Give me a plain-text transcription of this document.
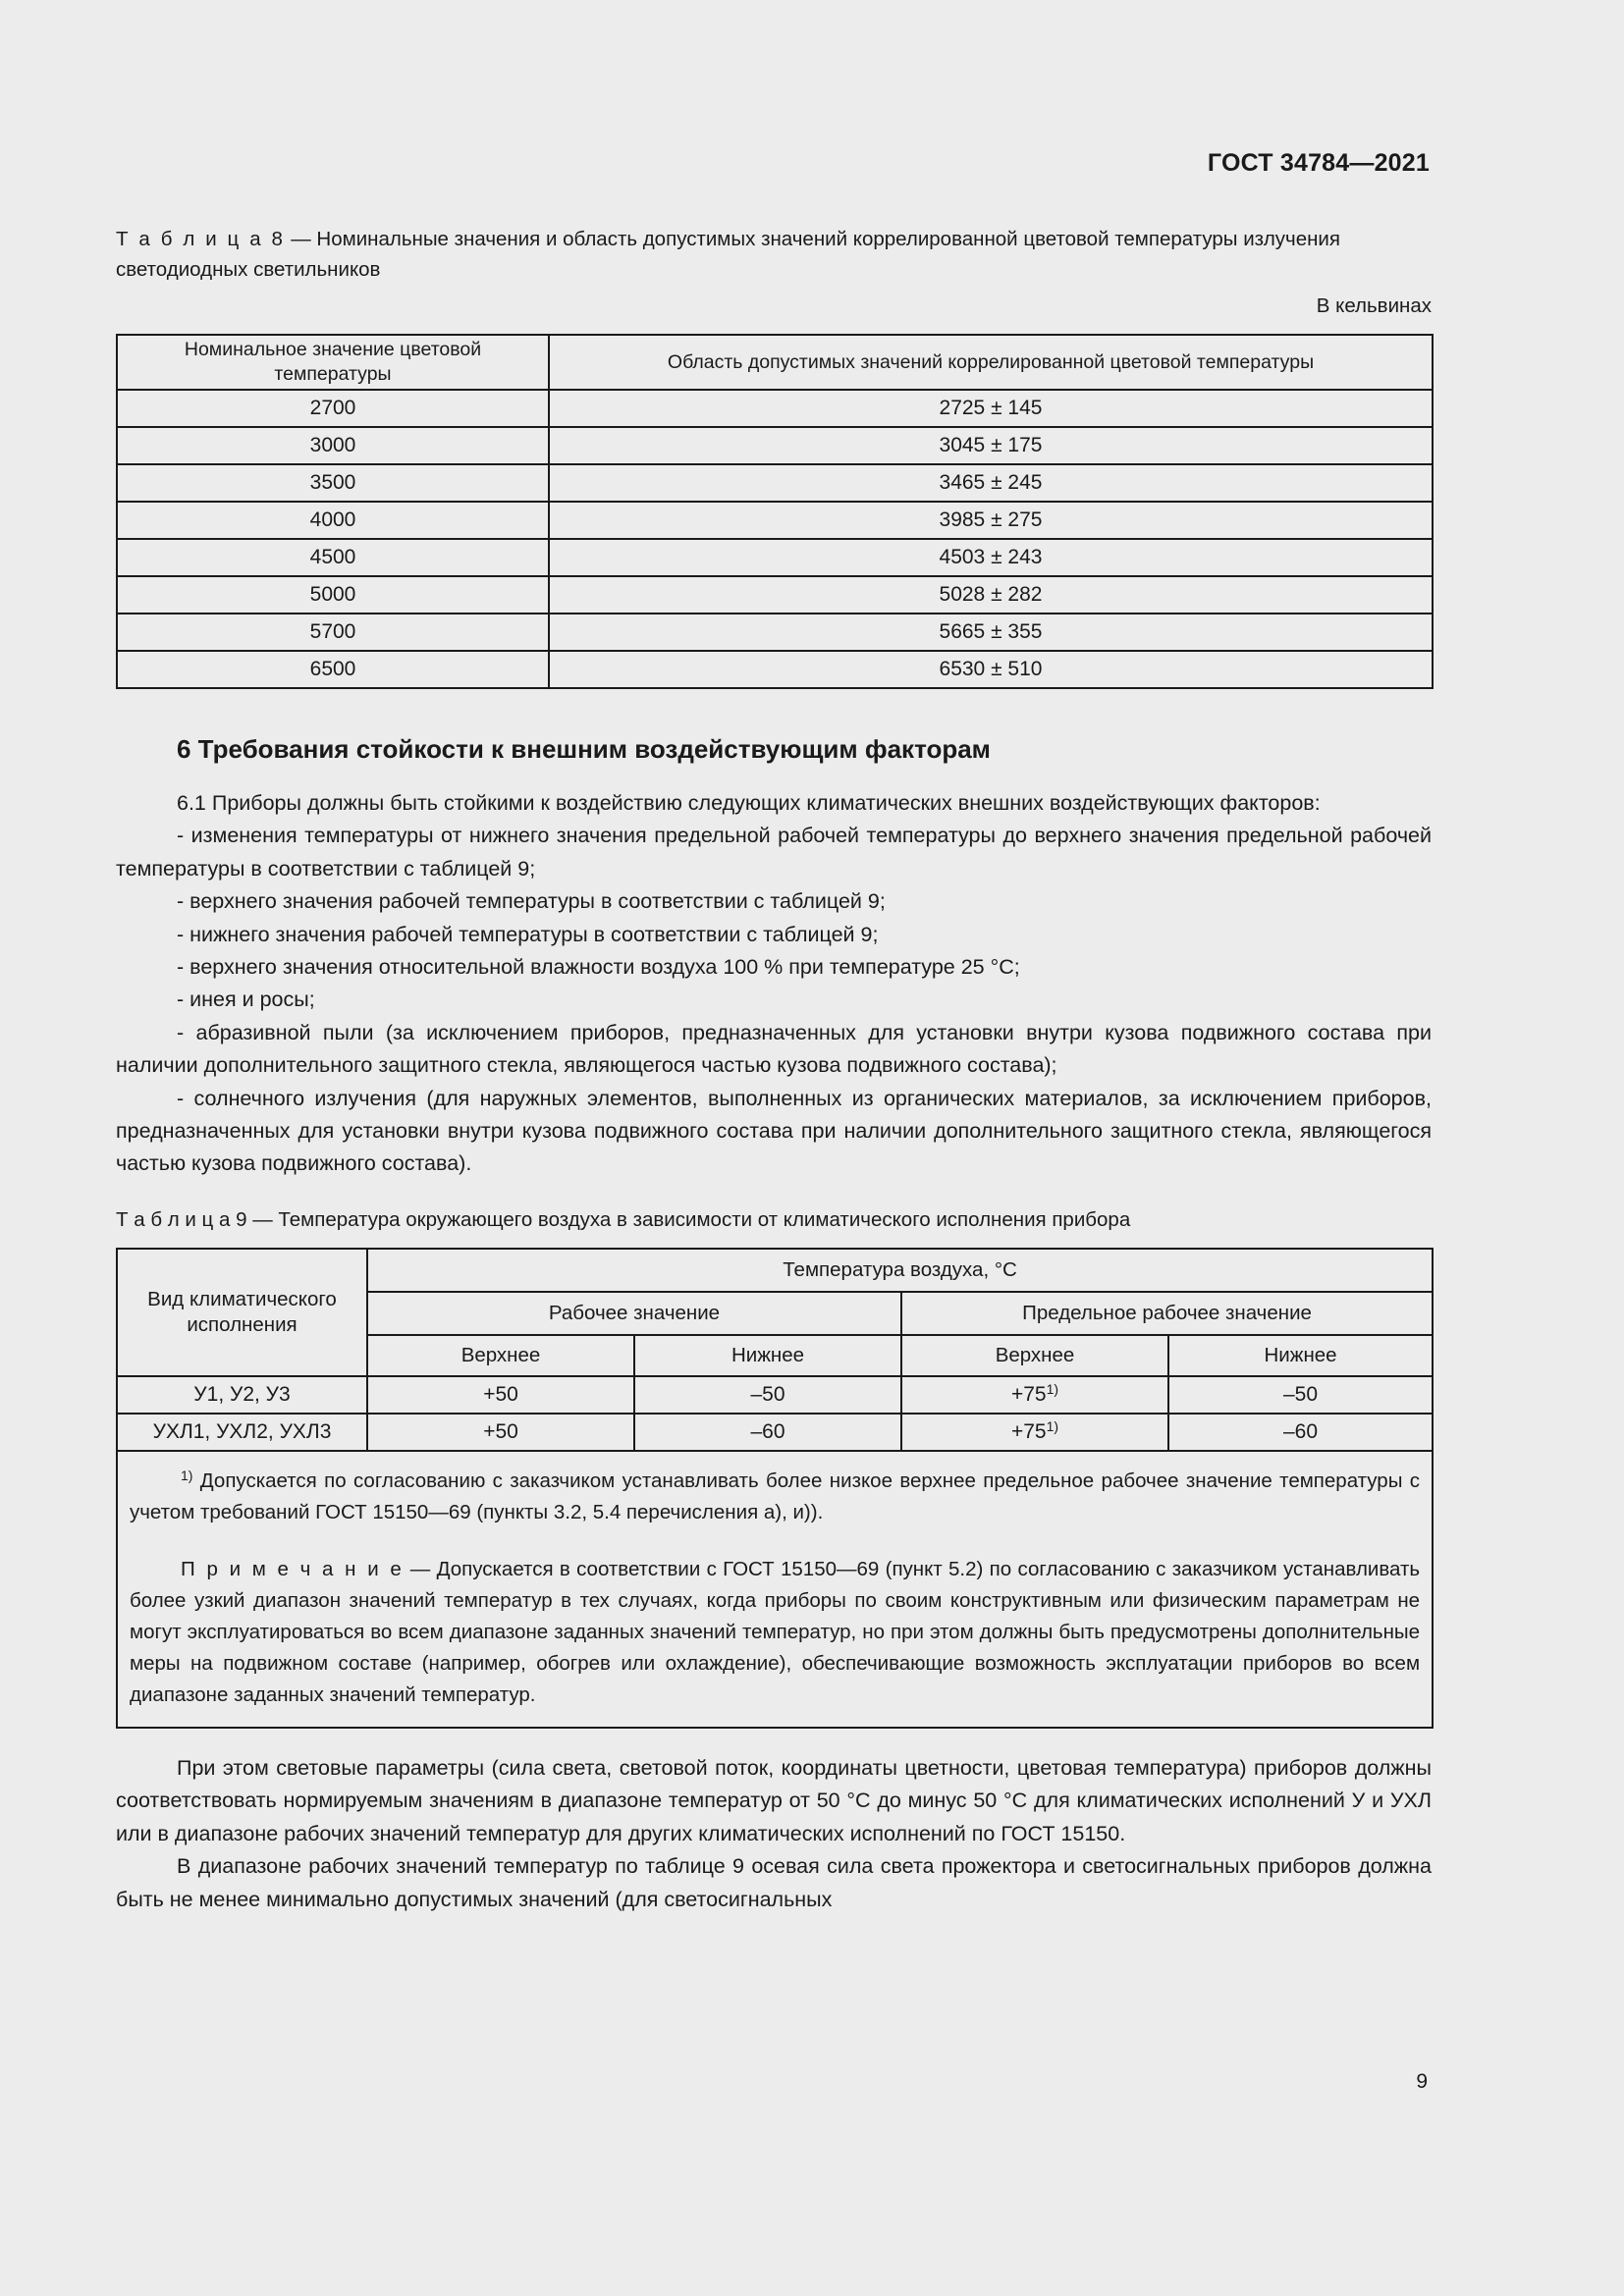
ГОСТ 34784—2021

Т а б л и ц а 8 — Номинальные значения и область допустимых значений коррелированной цветовой температуры излучения светодиодных светильников

В кельвинах
Номинальное значение цветовой температуры	Область допустимых значений коррелированной цветовой температуры
2700	2725 ± 145
3000	3045 ± 175
3500	3465 ± 245
4000	3985 ± 275
4500	4503 ± 243
5000	5028 ± 282
5700	5665 ± 355
6500	6530 ± 510
6 Требования стойкости к внешним воздействующим факторам

6.1 Приборы должны быть стойкими к воздействию следующих климатических внешних воздействующих факторов:

- изменения температуры от нижнего значения предельной рабочей температуры до верхнего значения предельной рабочей температуры в соответствии с таблицей 9;

- верхнего значения рабочей температуры в соответствии с таблицей 9;

- нижнего значения рабочей температуры в соответствии с таблицей 9;

- верхнего значения относительной влажности воздуха 100 % при температуре 25 °С;

- инея и росы;

- абразивной пыли (за исключением приборов, предназначенных для установки внутри кузова подвижного состава при наличии дополнительного защитного стекла, являющегося частью кузова подвижного состава);

- солнечного излучения (для наружных элементов, выполненных из органических материалов, за исключением приборов, предназначенных для установки внутри кузова подвижного состава при наличии дополнительного защитного стекла, являющегося частью кузова подвижного состава).

Т а б л и ц а 9 — Температура окружающего воздуха в зависимости от климатического исполнения прибора

Вид климатического исполнения	Темпеpатура воздуха, °С			
	Рабочее значение		Предельное рабочее значение	
	Верхнее	Нижнее	Верхнее	Нижнее
У1, У2, У3	+50	–50	+75$^{1)}$	–50
УХЛ1, УХЛ2, УХЛ3	+50	–60	+75$^{1)}$	–60

$^{1)}$ Допускается по согласованию с заказчиком устанавливать более низкое верхнее предельное рабочее значение температуры с учетом требований ГОСТ 15150—69 (пункты 3.2, 5.4 перечисления а), и)).

П р и м е ч а н и е — Допускается в соответствии с ГОСТ 15150—69 (пункт 5.2) по согласованию с заказчиком устанавливать более узкий диапазон значений температур в тех случаях, когда приборы по своим конструктивным или физическим параметрам не могут эксплуатироваться во всем диапазоне заданных значений температур, но при этом должны быть предусмотрены дополнительные меры на подвижном составе (например, обогрев или охлаждение), обеспечивающие возможность эксплуатации приборов во всем диапазоне заданных значений температур.				

При этом световые параметры (сила света, световой поток, координаты цветности, цветовая температура) приборов должны соответствовать нормируемым значениям в диапазоне температур от 50 °С до минус 50 °С для климатических исполнений У и УХЛ или в диапазоне рабочих значений температур для других климатических исполнений по ГОСТ 15150.

В диапазоне рабочих значений температур по таблице 9 осевая сила света прожектора и светосигнальных приборов должна быть не менее минимально допустимых значений (для светосигнальных

9
